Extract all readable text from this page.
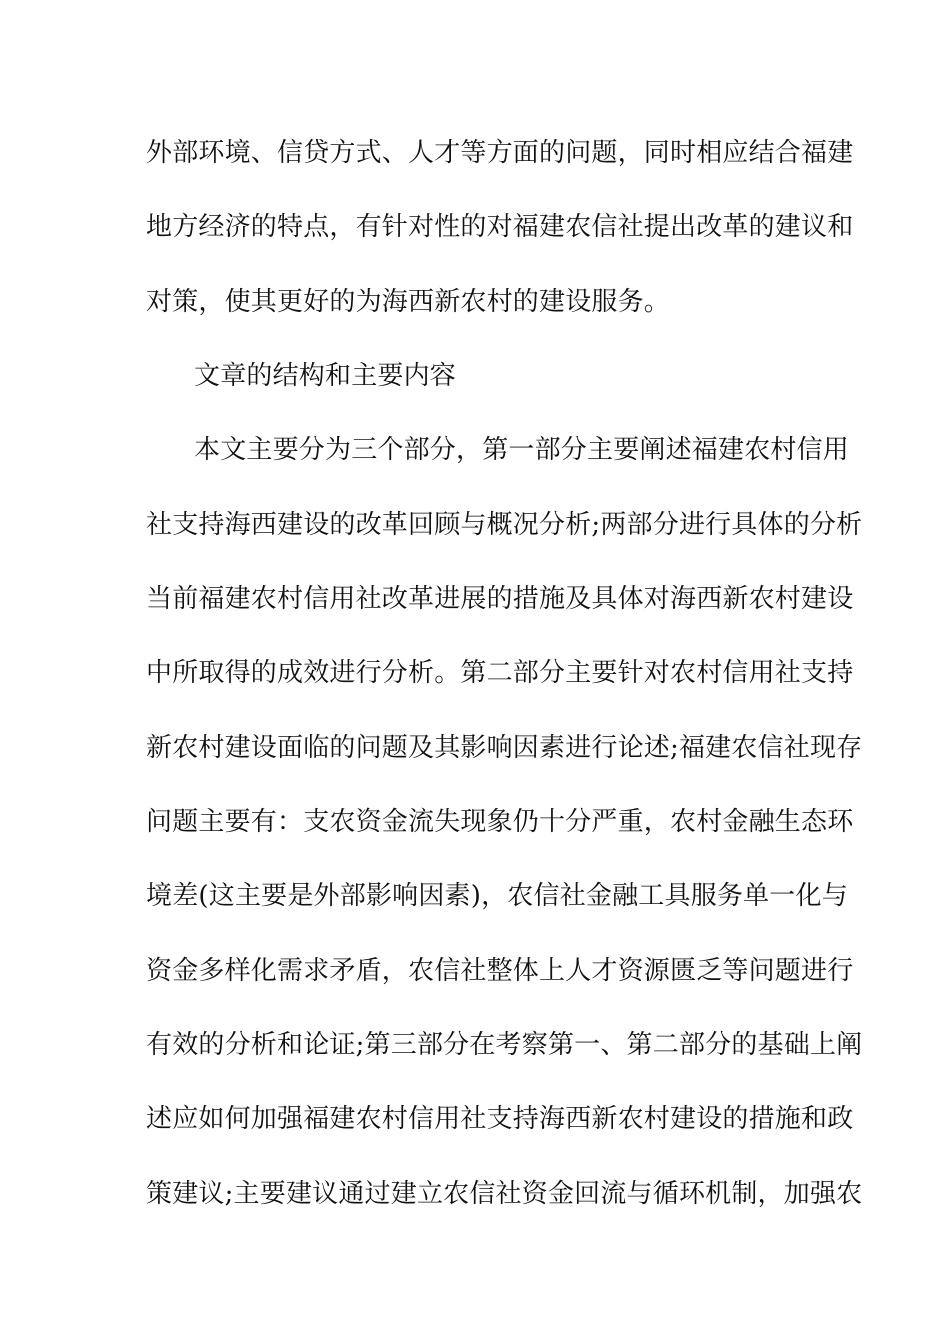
外部环境、信贷方式、人才等方面的问题，同时相应结合福建
地方经济的特点，有针对性的对福建农信社提出改革的建议和
对策，使其更好的为海西新农村的建设服务。
文章的结构和主要内容
本文主要分为三个部分，第一部分主要阐述福建农村信用
社支持海西建设的改革回顾与概况分析;两部分进行具体的分析
当前福建农村信用社改革进展的措施及具体对海西新农村建设
中所取得的成效进行分析。第二部分主要针对农村信用社支持
新农村建设面临的问题及其影响因素进行论述;福建农信社现存
问题主要有：支农资金流失现象仍十分严重，农村金融生态环
境差(这主要是外部影响因素)，农信社金融工具服务单一化与
资金多样化需求矛盾，农信社整体上人才资源匮乏等问题进行
有效的分析和论证;第三部分在考察第一、第二部分的基础上阐
述应如何加强福建农村信用社支持海西新农村建设的措施和政
策建议;主要建议通过建立农信社资金回流与循环机制，加强农
